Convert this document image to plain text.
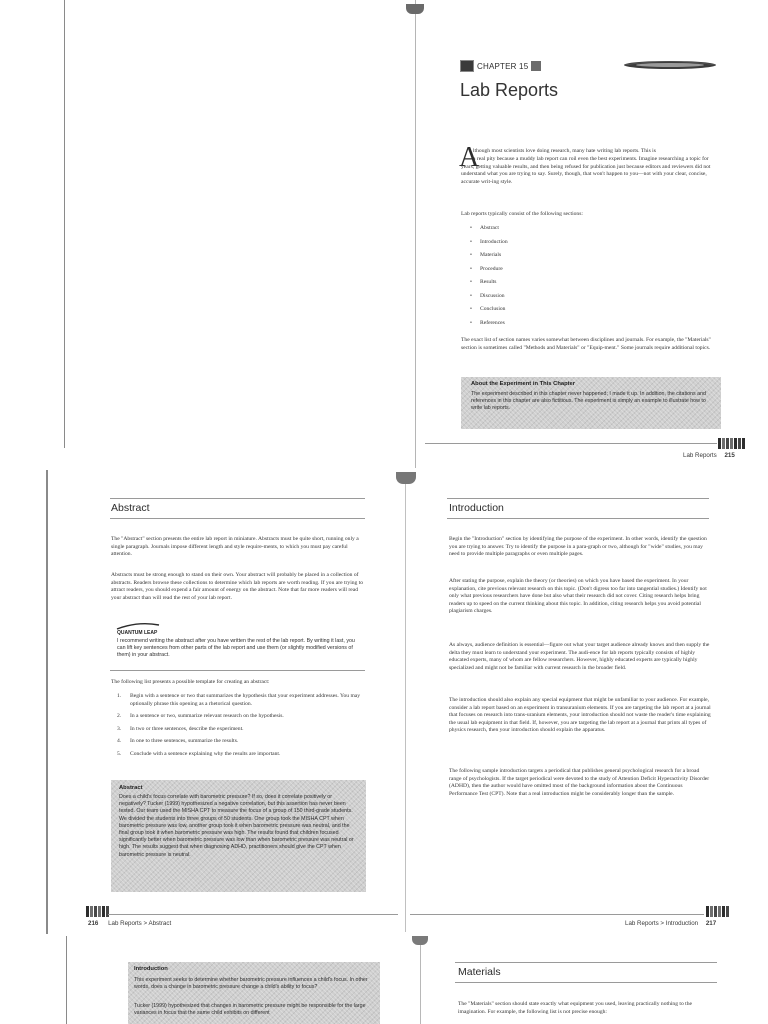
CHAPTER 15
Lab Reports
A

lthough most scientists love doing research, many hate writing lab reports. This is

a real pity because a muddy lab report can roil even the best experiments. Imagine researching a topic for years, getting valuable results, and then being refused for publication just because editors and reviewers did not understand what you are trying to say. Surely, though, that won't happen to you—not with your clear, concise, accurate writ-ing style.

Lab reports typically consist of the following sections:

• Abstract
• Introduction
• Materials
• Procedure
• Results
• Discussion
• Conclusion
• References

The exact list of section names varies somewhat between disciplines and journals. For example, the "Materials" section is sometimes called "Methods and Materials" or "Equip-ment." Some journals require additional topics.

About the Experiment in This Chapter

The experiment described in this chapter never happened; I made it up. In addition, the citations and references in this chapter are also fictitious. The experiment is simply an example to illustrate how to write lab reports.

Lab Reports 215
Abstract

The "Abstract" section presents the entire lab report in miniature. Abstracts must be quite short, running only a single paragraph. Journals impose different length and style require-ments, to which you must pay careful attention.

Abstracts must be strong enough to stand on their own. Your abstract will probably be placed in a collection of abstracts. Readers browse these collections to determine which lab reports are worth reading. If you are trying to attract readers, you should expend a fair amount of energy on the abstract. Note that far more readers will read your abstract than will read the rest of your lab report.

QUANTUM LEAP

I recommend writing the abstract after you have written the rest of the lab report. By writing it last, you can lift key sentences from other parts of the lab report and use them (or slightly modified versions of them) in your abstract.

The following list presents a possible template for creating an abstract:

1. Begin with a sentence or two that summarizes the hypothesis that your experiment addresses. You may optionally phrase this opening as a rhetorical question.
2. In a sentence or two, summarize relevant research on the hypothesis.
3. In two or three sentences, describe the experiment.
4. In one to three sentences, summarize the results.
5. Conclude with a sentence explaining why the results are important.
Abstract

Does a child's focus correlate with barometric pressure? If so, does it correlate positively or negatively? Tucker (1999) hypothesized a negative correlation, but this assertion has never been tested. Our team used the MISHA CPT to measure the focus of a group of 150 third-grade students. We divided the students into three groups of 50 students. One group took the MISHA CPT when barometric pressure was low, another group took it when barometric pressure was neutral, and the final group took it when barometric pressure was high. The results found that children focused significantly better when barometric pressure was low than when barometric pressure was neutral or high. The results suggest that when diagnosing ADHD, practitioners should give the CPT when barometric pressure is neutral.

216 Lab Reports > Abstract
Introduction

Begin the "Introduction" section by identifying the purpose of the experiment. In other words, identify the question you are trying to answer. Try to identify the purpose in a para-graph or two, although for "wide" studies, you may need to provide multiple paragraphs or even multiple pages.

After stating the purpose, explain the theory (or theories) on which you have based the experiment. In your explanation, cite previous relevant research on this topic. (Don't digress too far into tangential studies.) Identify not only what previous researchers have done but also what their research did not cover. Citing research helps bring readers up to speed on the current thinking about this topic. In addition, citing research helps you avoid potential plagiarism charges.

As always, audience definition is essential—figure out what your target audience already knows and then supply the delta they must learn to understand your experiment. The audi-ence for lab reports typically consists of highly educated experts, many of whom are fellow researchers. However, highly educated experts are typically highly specialized and might not be familiar with current research in the broader field.

The introduction should also explain any special equipment that might be unfamiliar to your audience. For example, consider a lab report based on an experiment in transuranium elements. If you are targeting the lab report at a journal that focuses on research into trans-uranium elements, your introduction should not waste the reader's time explaining the usual lab equipment in that field. If, however, you are targeting the lab report at a journal that prints all types of physics research, then your introduction should explain the apparatus.

The following sample introduction targets a periodical that publishes general psychological research for a broad range of psychologists. If the target periodical were devoted to the study of Attention Deficit Hyperactivity Disorder (ADHD), then the author would have omitted most of the background information about the Continuous Performance Test (CPT). Note that a real introduction might be considerably longer than the sample.

Lab Reports > Introduction 217
Introduction

This experiment seeks to determine whether barometric pressure influences a child's focus. In other words, does a change in barometric pressure change a child's ability to focus?

Tucker (1999) hypothesized that changes in barometric pressure might be responsible for the large variances in focus that the same child exhibits on different

Materials

The "Materials" section should state exactly what equipment you used, leaving practically nothing to the imagination. For example, the following list is not precise enough:
